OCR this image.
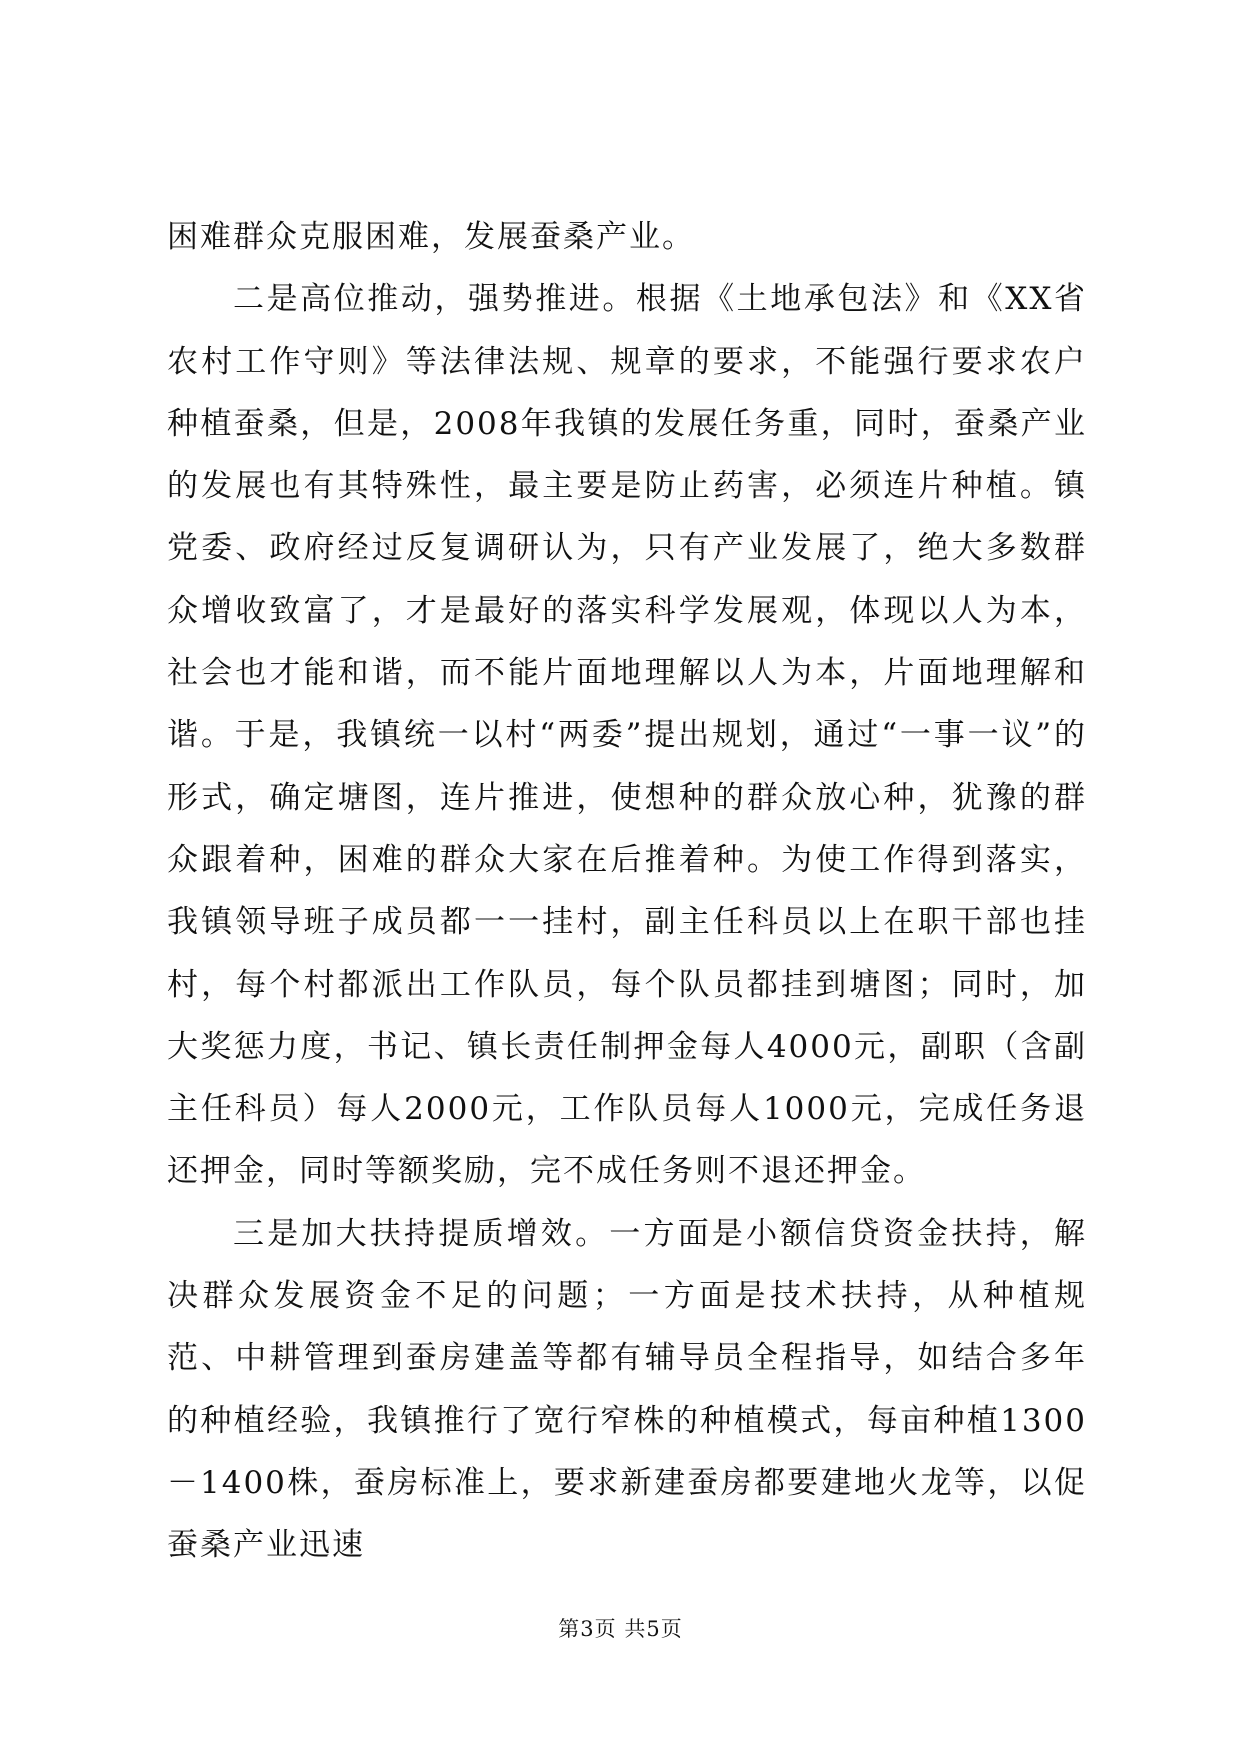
困难群众克服困难，发展蚕桑产业。

二是高位推动，强势推进。根据《土地承包法》和《XX省农村工作守则》等法律法规、规章的要求，不能强行要求农户种植蚕桑，但是，2008年我镇的发展任务重，同时，蚕桑产业的发展也有其特殊性，最主要是防止药害，必须连片种植。镇党委、政府经过反复调研认为，只有产业发展了，绝大多数群众增收致富了，才是最好的落实科学发展观，体现以人为本，社会也才能和谐，而不能片面地理解以人为本，片面地理解和谐。于是，我镇统一以村“两委”提出规划，通过“一事一议”的形式，确定塘图，连片推进，使想种的群众放心种，犹豫的群众跟着种，困难的群众大家在后推着种。为使工作得到落实，我镇领导班子成员都一一挂村，副主任科员以上在职干部也挂村，每个村都派出工作队员，每个队员都挂到塘图；同时，加大奖惩力度，书记、镇长责任制押金每人4000元，副职（含副主任科员）每人2000元，工作队员每人1000元，完成任务退还押金，同时等额奖励，完不成任务则不退还押金。

三是加大扶持提质增效。一方面是小额信贷资金扶持，解决群众发展资金不足的问题；一方面是技术扶持，从种植规范、中耕管理到蚕房建盖等都有辅导员全程指导，如结合多年的种植经验，我镇推行了宽行窄株的种植模式，每亩种植1300－1400株，蚕房标准上，要求新建蚕房都要建地火龙等，以促蚕桑产业迅速

第3页 共5页
